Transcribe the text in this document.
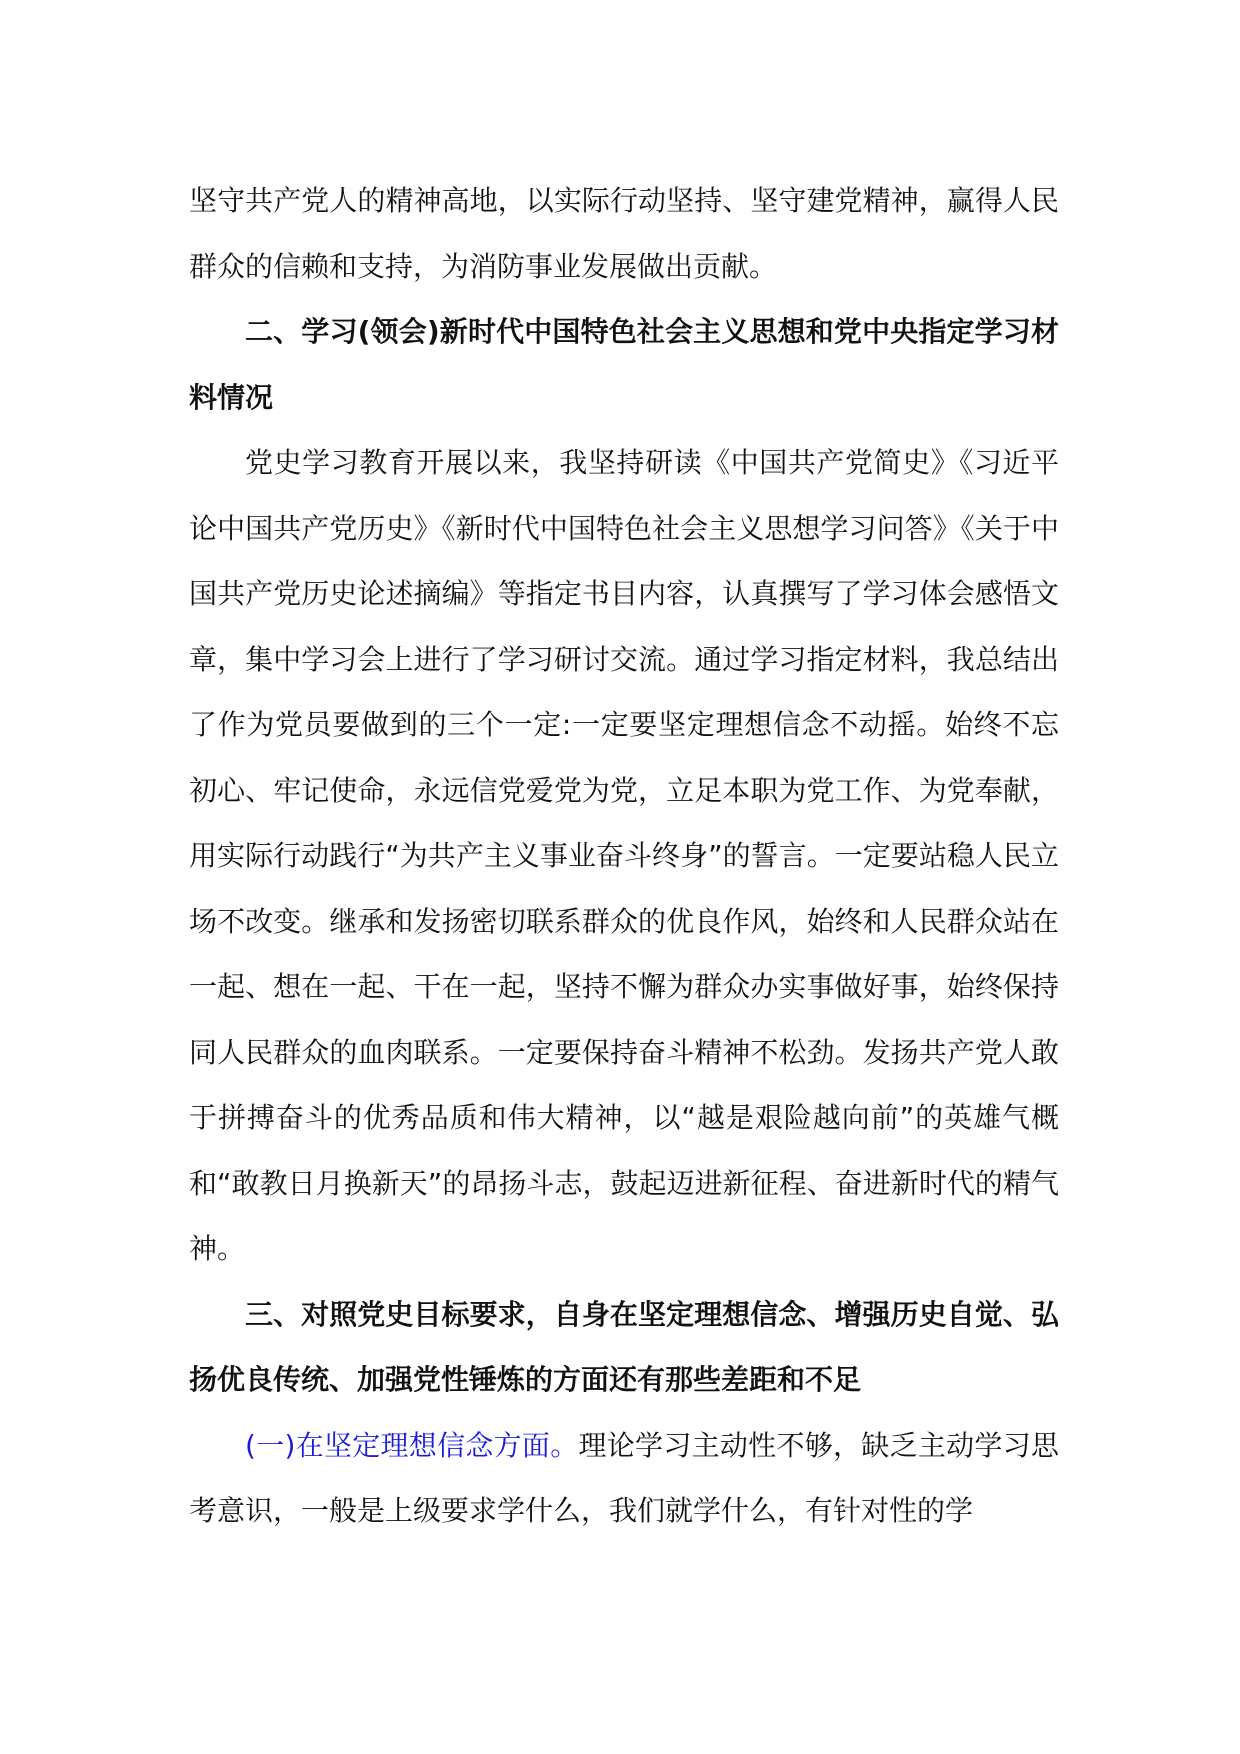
坚守共产党人的精神高地，以实际行动坚持、坚守建党精神，赢得人民群众的信赖和支持，为消防事业发展做出贡献。

二、学习(领会)新时代中国特色社会主义思想和党中央指定学习材料情况

党史学习教育开展以来，我坚持研读《中国共产党简史》《习近平论中国共产党历史》《新时代中国特色社会主义思想学习问答》《关于中国共产党历史论述摘编》等指定书目内容，认真撰写了学习体会感悟文章，集中学习会上进行了学习研讨交流。通过学习指定材料，我总结出了作为党员要做到的三个一定:一定要坚定理想信念不动摇。始终不忘初心、牢记使命，永远信党爱党为党，立足本职为党工作、为党奉献，用实际行动践行“为共产主义事业奋斗终身”的誓言。一定要站稳人民立场不改变。继承和发扬密切联系群众的优良作风，始终和人民群众站在一起、想在一起、干在一起，坚持不懈为群众办实事做好事，始终保持同人民群众的血肉联系。一定要保持奋斗精神不松劲。发扬共产党人敢于拼搏奋斗的优秀品质和伟大精神，以“越是艰险越向前”的英雄气概和“敢教日月换新天”的昂扬斗志，鼓起迈进新征程、奋进新时代的精气神。

三、对照党史目标要求，自身在坚定理想信念、增强历史自觉、弘扬优良传统、加强党性锤炼的方面还有那些差距和不足

(一)在坚定理想信念方面。理论学习主动性不够，缺乏主动学习思考意识，一般是上级要求学什么，我们就学什么，有针对性的学
